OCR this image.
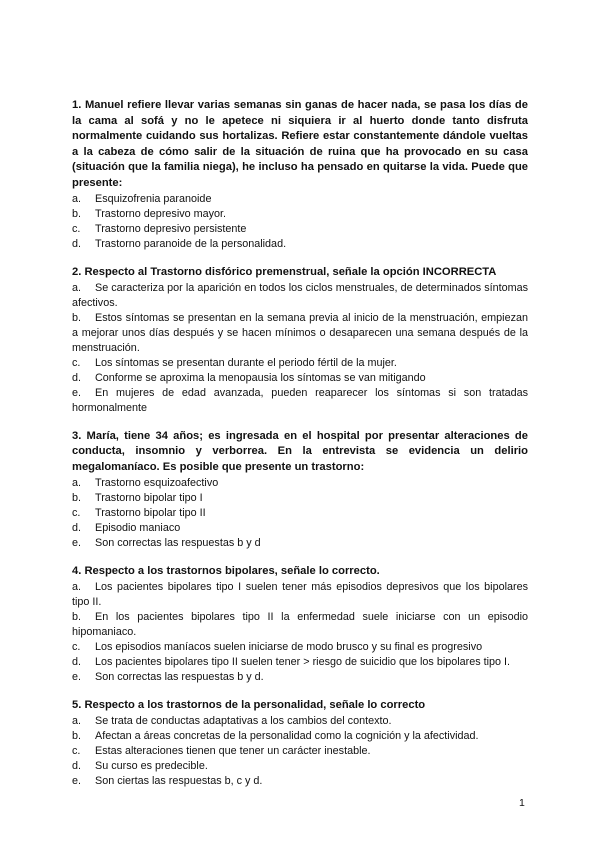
1. Manuel refiere llevar varias semanas sin ganas de hacer nada, se pasa los días de la cama al sofá y no le apetece ni siquiera ir al huerto donde tanto disfruta normalmente cuidando sus hortalizas. Refiere estar constantemente dándole vueltas a la cabeza de cómo salir de la situación de ruina que ha provocado en su casa (situación que la familia niega), he incluso ha pensado en quitarse la vida. Puede que presente:

a. Esquizofrenia paranoide

b. Trastorno depresivo mayor.

c. Trastorno depresivo persistente

d. Trastorno paranoide de la personalidad.

2. Respecto al Trastorno disfórico premenstrual, señale la opción INCORRECTA

a. Se caracteriza por la aparición en todos los ciclos menstruales, de determinados síntomas afectivos.

b. Estos síntomas se presentan en la semana previa al inicio de la menstruación, empiezan a mejorar unos días después y se hacen mínimos o desaparecen una semana después de la menstruación.

c. Los síntomas se presentan durante el periodo fértil de la mujer.

d. Conforme se aproxima la menopausia los síntomas se van mitigando

e. En mujeres de edad avanzada, pueden reaparecer los síntomas si son tratadas hormonalmente

3. María, tiene 34 años; es ingresada en el hospital por presentar alteraciones de conducta, insomnio y verborrea. En la entrevista se evidencia un delirio megalomaníaco. Es posible que presente un trastorno:

a. Trastorno esquizoafectivo

b. Trastorno bipolar tipo I

c. Trastorno bipolar tipo II

d. Episodio maniaco

e. Son correctas las respuestas b y d

4. Respecto a los trastornos bipolares, señale lo correcto.

a. Los pacientes bipolares tipo I suelen tener más episodios depresivos que los bipolares tipo II.

b. En los pacientes bipolares tipo II la enfermedad suele iniciarse con un episodio hipomaniaco.

c. Los episodios maníacos suelen iniciarse de modo brusco y su final es progresivo

d. Los pacientes bipolares tipo II suelen tener > riesgo de suicidio que los bipolares tipo I.

e. Son correctas las respuestas b y d.

5. Respecto a los trastornos de la personalidad, señale lo correcto

a. Se trata de conductas adaptativas a los cambios del contexto.

b. Afectan a áreas concretas de la personalidad como la cognición y la afectividad.

c. Estas alteraciones tienen que tener un carácter inestable.

d. Su curso es predecible.

e. Son ciertas las respuestas b, c y d.

1
